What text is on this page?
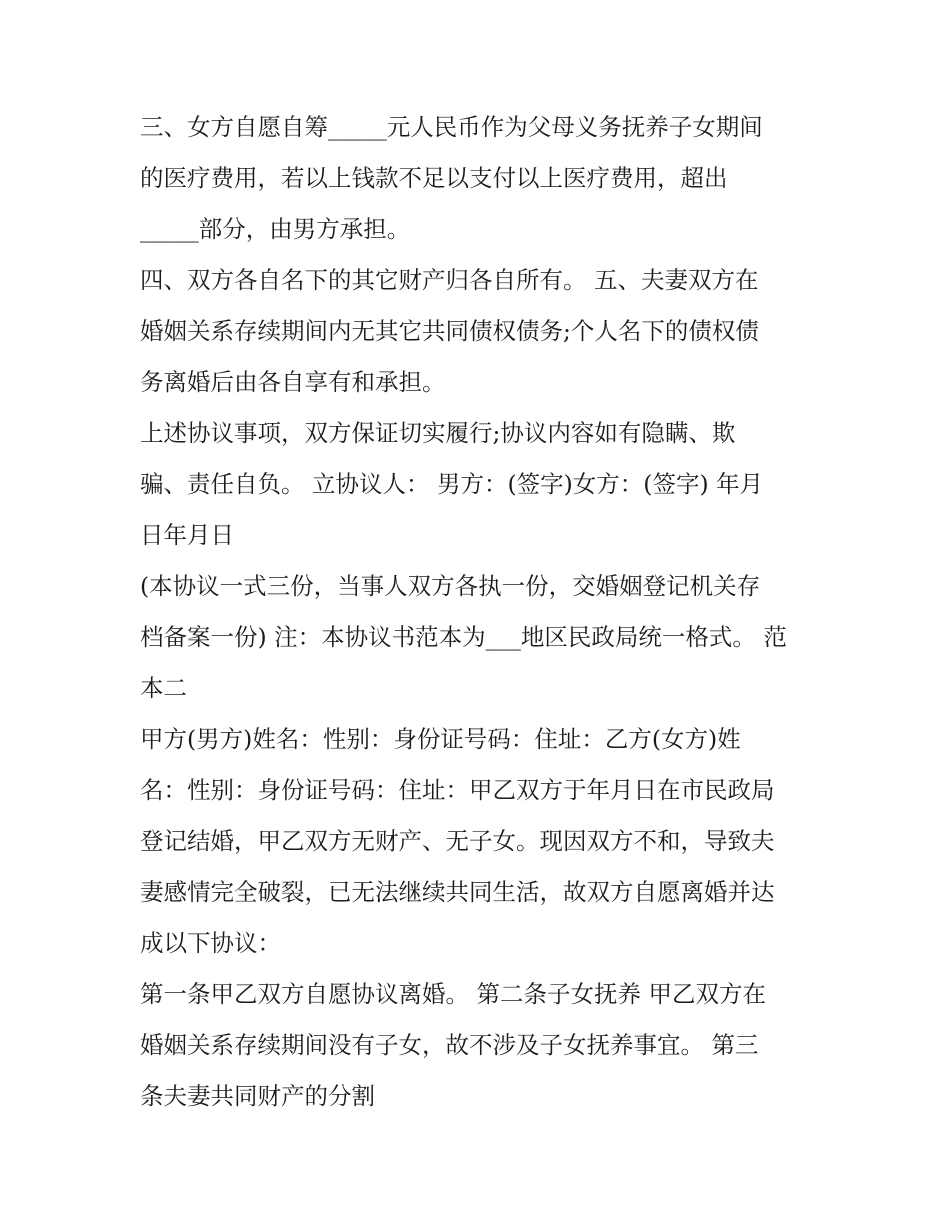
三、女方自愿自筹_____元人民币作为父母义务抚养子女期间
的医疗费用，若以上钱款不足以支付以上医疗费用，超出
_____部分，由男方承担。
四、双方各自名下的其它财产归各自所有。 五、夫妻双方在
婚姻关系存续期间内无其它共同债权债务;个人名下的债权债
务离婚后由各自享有和承担。
上述协议事项，双方保证切实履行;协议内容如有隐瞒、欺
骗、责任自负。 立协议人： 男方：(签字)女方：(签字) 年月
日年月日
(本协议一式三份，当事人双方各执一份，交婚姻登记机关存
档备案一份) 注：本协议书范本为___地区民政局统一格式。 范
本二
甲方(男方)姓名：性别：身份证号码：住址：乙方(女方)姓
名：性别：身份证号码：住址：甲乙双方于年月日在市民政局
登记结婚，甲乙双方无财产、无子女。现因双方不和，导致夫
妻感情完全破裂，已无法继续共同生活，故双方自愿离婚并达
成以下协议：
第一条甲乙双方自愿协议离婚。 第二条子女抚养 甲乙双方在
婚姻关系存续期间没有子女，故不涉及子女抚养事宜。 第三
条夫妻共同财产的分割
